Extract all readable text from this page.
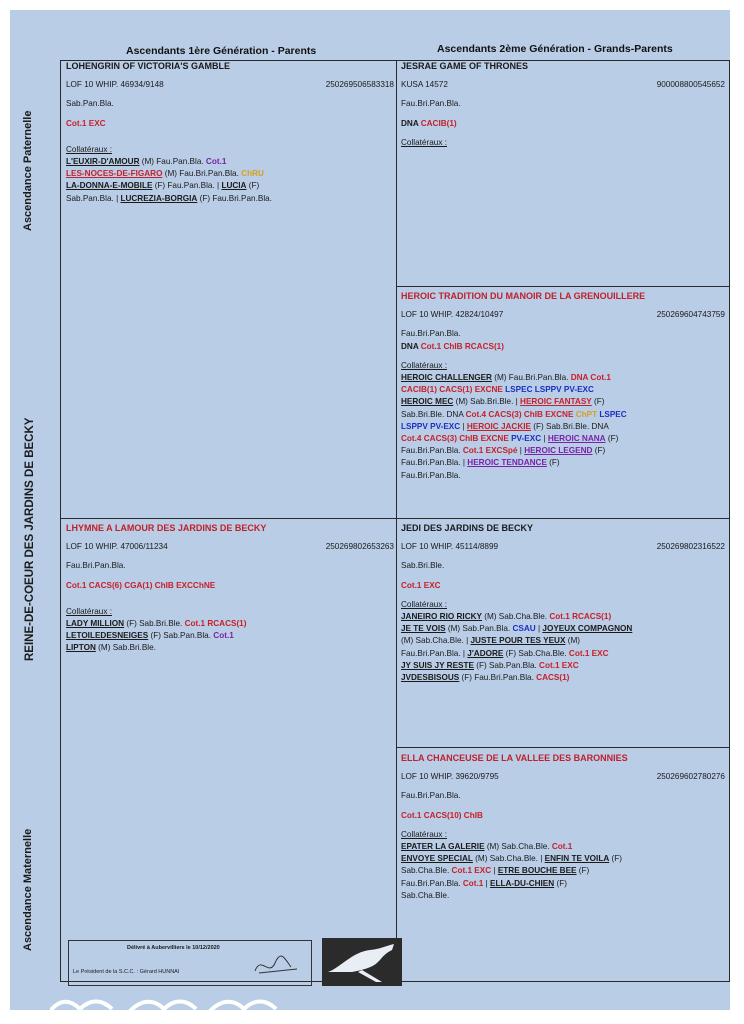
Ascendants 1ère Génération - Parents	Ascendants 2ème Génération - Grands-Parents
Ascendance Paternelle
REINE-DE-COEUR DES JARDINS DE BECKY
Ascendance Maternelle
LOHENGRIN OF VICTORIA'S GAMBLE
LOF 10 WHIP. 46934/9148	250269506583318
Sab.Pan.Bla.
Cot.1 EXC
Collatéraux :
L'EUXIR-D'AMOUR (M) Fau.Pan.Bla. Cot.1
LES-NOCES-DE-FIGARO (M) Fau.Bri.Pan.Bla. ChRU
LA-DONNA-E-MOBILE (F) Fau.Pan.Bla. | LUCIA (F)
Sab.Pan.Bla. | LUCREZIA-BORGIA (F) Fau.Bri.Pan.Bla.
JESRAE GAME OF THRONES
KUSA 14572	900008800545652
Fau.Bri.Pan.Bla.
DNA CACIB(1)
Collatéraux :
HEROIC TRADITION DU MANOIR DE LA GRENOUILLERE
LOF 10 WHIP. 42824/10497	250269604743759
Fau.Bri.Pan.Bla.
DNA Cot.1 ChIB RCACS(1)
Collatéraux :
HEROIC CHALLENGER (M) Fau.Bri.Pan.Bla. DNA Cot.1
CACIB(1) CACS(1) EXCNE LSPEC LSPPV PV-EXC
HEROIC MEC (M) Sab.Bri.Ble. | HEROIC FANTASY (F)
Sab.Bri.Ble. DNA Cot.4 CACS(3) ChIB EXCNE ChPT LSPEC
LSPPV PV-EXC | HEROIC JACKIE (F) Sab.Bri.Ble. DNA
Cot.4 CACS(3) ChIB EXCNE PV-EXC | HEROIC NANA (F)
Fau.Bri.Pan.Bla. Cot.1 EXCSpé | HEROIC LEGEND (F)
Fau.Bri.Pan.Bla. | HEROIC TENDANCE (F)
Fau.Bri.Pan.Bla.
LHYMNE A LAMOUR DES JARDINS DE BECKY
LOF 10 WHIP. 47006/11234	250269802653263
Fau.Bri.Pan.Bla.
Cot.1 CACS(6) CGA(1) ChIB EXCChNE
Collatéraux :
LADY MILLION (F) Sab.Bri.Ble. Cot.1 RCACS(1)
LETOILEDESNEIGES (F) Sab.Pan.Bla. Cot.1
LIPTON (M) Sab.Bri.Ble.
JEDI DES JARDINS DE BECKY
LOF 10 WHIP. 45114/8899	250269802316522
Sab.Bri.Ble.
Cot.1 EXC
Collatéraux :
JANEIRO RIO RICKY (M) Sab.Cha.Ble. Cot.1 RCACS(1)
JE TE VOIS (M) Sab.Pan.Bla. CSAU | JOYEUX COMPAGNON
(M) Sab.Cha.Ble. | JUSTE POUR TES YEUX (M)
Fau.Bri.Pan.Bla. | J'ADORE (F) Sab.Cha.Ble. Cot.1 EXC
JY SUIS JY RESTE (F) Sab.Pan.Bla. Cot.1 EXC
JVDESBISOUS (F) Fau.Bri.Pan.Bla. CACS(1)
ELLA CHANCEUSE DE LA VALLEE DES BARONNIES
LOF 10 WHIP. 39620/9795	250269602780276
Fau.Bri.Pan.Bla.
Cot.1 CACS(10) ChIB
Collatéraux :
EPATER LA GALERIE (M) Sab.Cha.Ble. Cot.1
ENVOYE SPECIAL (M) Sab.Cha.Ble. | ENFIN TE VOILA (F)
Sab.Cha.Ble. Cot.1 EXC | ETRE BOUCHE BEE (F)
Fau.Bri.Pan.Bla. Cot.1 | ELLA-DU-CHIEN (F)
Sab.Cha.Ble.
Délivré à Aubervilliers le 10/12/2020
Le Président de la S.C.C. : Gérard HUNNAI
